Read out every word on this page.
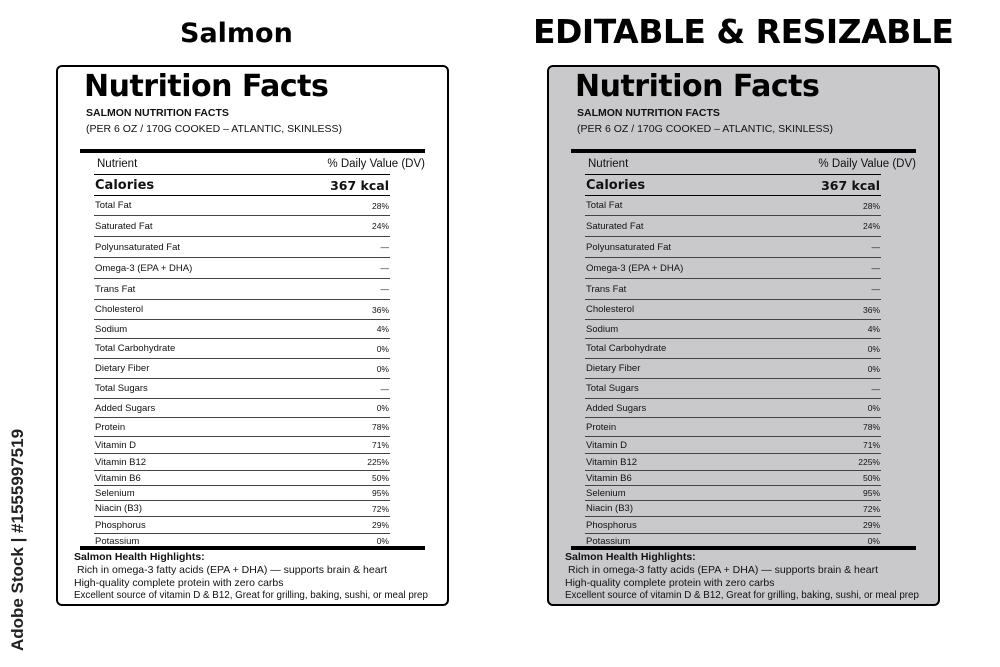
Salmon	EDITABLE & RESIZABLE
Adobe Stock | #1555997519
Nutrition Facts
SALMON NUTRITION FACTS
(PER 6 OZ / 170G COOKED – ATLANTIC, SKINLESS)
Nutrient	% Daily Value (DV)
Calories	367 kcal
Total Fat	28%
Saturated Fat	24%
Polyunsaturated Fat	—
Omega-3 (EPA + DHA)	—
Trans Fat	—
Cholesterol	36%
Sodium	4%
Total Carbohydrate	0%
Dietary Fiber	0%
Total Sugars	—
Added Sugars	0%
Protein	78%
Vitamin D	71%
Vitamin B12	225%
Vitamin B6	50%
Selenium	95%
Niacin (B3)	72%
Phosphorus	29%
Potassium	0%
Salmon Health Highlights:
Rich in omega-3 fatty acids (EPA + DHA) — supports brain & heart
High-quality complete protein with zero carbs
Excellent source of vitamin D & B12, Great for grilling, baking, sushi, or meal prep
Nutrition Facts
SALMON NUTRITION FACTS
(PER 6 OZ / 170G COOKED – ATLANTIC, SKINLESS)
Nutrient	% Daily Value (DV)
Calories	367 kcal
Total Fat	28%
Saturated Fat	24%
Polyunsaturated Fat	—
Omega-3 (EPA + DHA)	—
Trans Fat	—
Cholesterol	36%
Sodium	4%
Total Carbohydrate	0%
Dietary Fiber	0%
Total Sugars	—
Added Sugars	0%
Protein	78%
Vitamin D	71%
Vitamin B12	225%
Vitamin B6	50%
Selenium	95%
Niacin (B3)	72%
Phosphorus	29%
Potassium	0%
Salmon Health Highlights:
Rich in omega-3 fatty acids (EPA + DHA) — supports brain & heart
High-quality complete protein with zero carbs
Excellent source of vitamin D & B12, Great for grilling, baking, sushi, or meal prep
